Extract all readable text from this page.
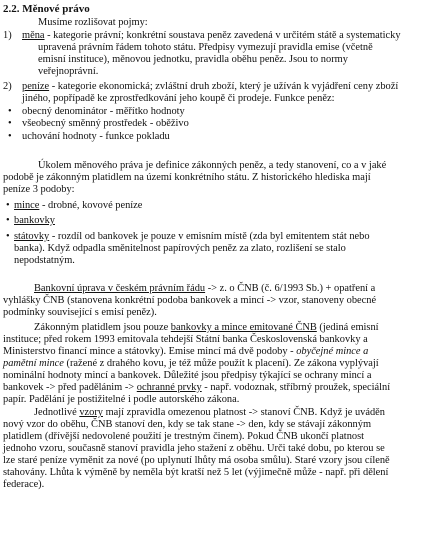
2.2. Měnové právo
Musíme rozlišovat pojmy:
1) měna - kategorie právní; konkrétní soustava peněz zavedená v určitém státě a systematicky
upravená právním řádem tohoto státu. Předpisy vymezují pravidla emise (včetně
emisní instituce), měnovou jednotku, pravidla oběhu peněz. Jsou to normy
veřejnoprávní.
2) peníze - kategorie ekonomická; zvláštní druh zboží, který je užíván k vyjádření ceny zboží
jiného, popřípadě ke zprostředkování jeho koupě či prodeje. Funkce peněz:
• obecný denominátor - měřítko hodnoty
• všeobecný směnný prostředek - oběživo
• uchování hodnoty - funkce pokladu
Úkolem měnového práva je definice zákonných peněz, a tedy stanovení, co a v jaké
podobě je zákonným platidlem na území konkrétního státu. Z historického hlediska mají
peníze 3 podoby:
• mince - drobné, kovové peníze
• bankovky
• státovky - rozdíl od bankovek je pouze v emisním místě (zda byl emitentem stát nebo
banka). Když odpadla směnitelnost papírových peněz za zlato, rozlišení se stalo
nepodstatným.
Bankovní úprava v českém právním řádu -> z. o ČNB (č. 6/1993 Sb.) + opatření a
vyhlášky ČNB (stanovena konkrétní podoba bankovek a mincí -> vzor, stanoveny obecné
podmínky související s emisí peněz).
Zákonným platidlem jsou pouze bankovky a mince emitované ČNB (jediná emisní
instituce; před rokem 1993 emitovala tehdejší Státní banka Československá bankovky a
Ministerstvo financí mince a státovky). Emise mincí má dvě podoby - obyčejné mince a
pamětní mince (ražené z drahého kovu, je též může použít k placení). Ze zákona vyplývají
nominální hodnoty mincí a bankovek. Důležité jsou předpisy týkající se ochrany mincí a
bankovek -> před padělánim -> ochranné prvky - např. vodoznak, stříbrný proužek, speciální
papír. Padělání je postižitelné i podle autorského zákona.
Jednotlivé vzory mají zpravidla omezenou platnost -> stanoví ČNB. Když je uváděn
nový vzor do oběhu, ČNB stanoví den, kdy se tak stane -> den, kdy se stávají zákonným
platidlem (dřívější nedovolené použití je trestným činem). Pokud ČNB ukončí platnost
jednoho vzoru, současně stanoví pravidla jeho stažení z oběhu. Urči také dobu, po kterou se
lze staré peníze vyměnit za nové (po uplynutí lhůty má osoba smůlu). Staré vzory jsou cíleně
stahovány. Lhůta k výměně by neměla být kratší než 5 let (výjimečně může - např. při dělení
federace).
